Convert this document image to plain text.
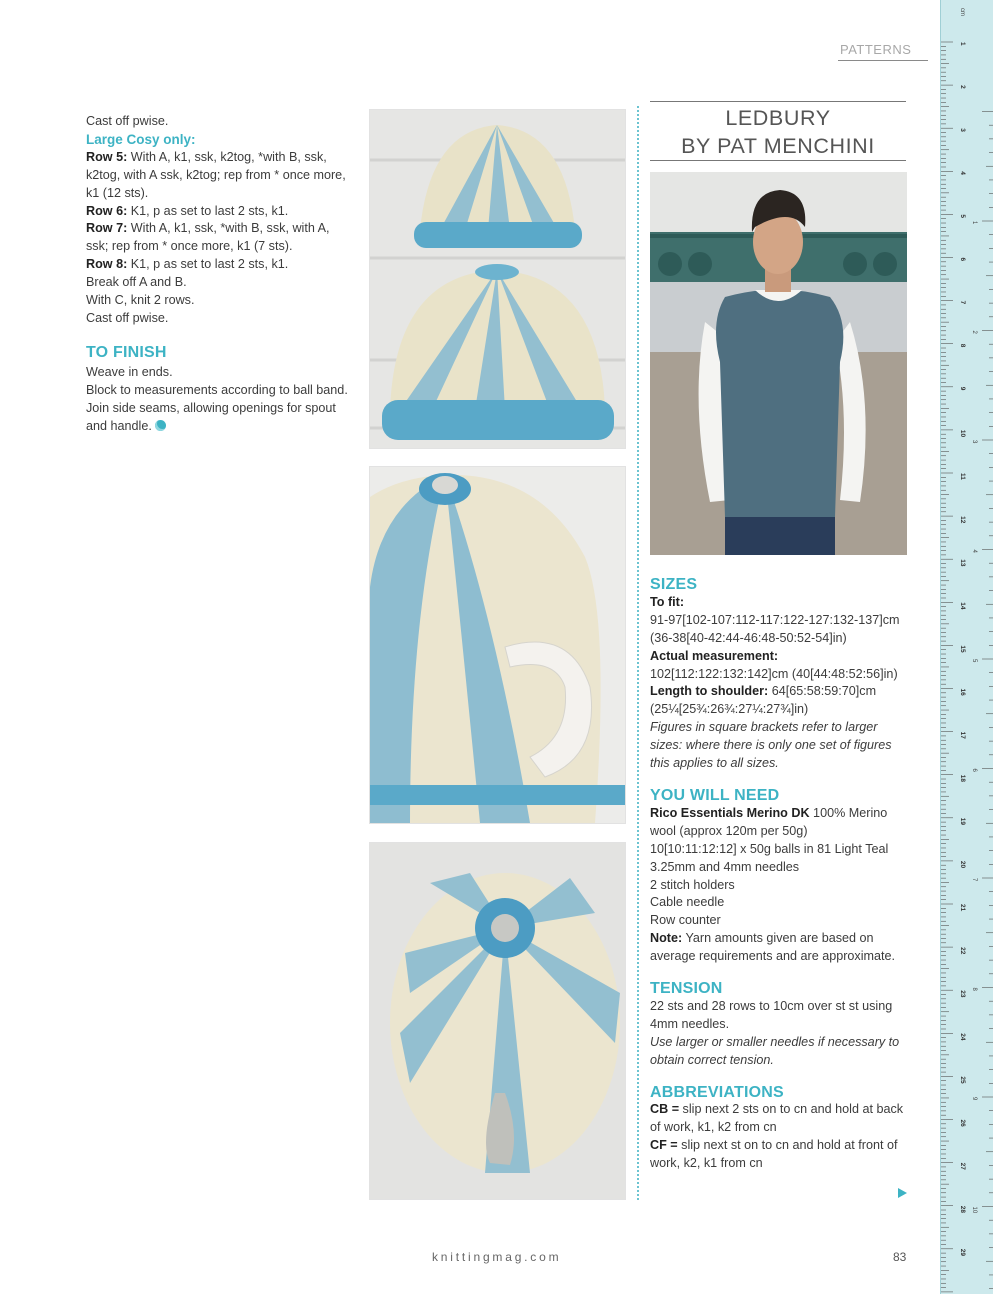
PATTERNS

Cast off pwise.

Large Cosy only:

Row 5: With A, k1, ssk, k2tog, *with B, ssk, k2tog, with A ssk, k2tog; rep from * once more, k1 (12 sts).

Row 6: K1, p as set to last 2 sts, k1.

Row 7: With A, k1, ssk, *with B, ssk, with A, ssk; rep from * once more, k1 (7 sts).

Row 8: K1, p as set to last 2 sts, k1.

Break off A and B.

With C, knit 2 rows.

Cast off pwise.

TO FINISH

Weave in ends.

Block to measurements according to ball band. Join side seams, allowing openings for spout and handle.

LEDBURY
BY PAT MENCHINI
SIZES

To fit:

91-97[102-107:112-117:122-127:132-137]cm (36-38[40-42:44-46:48-50:52-54]in)

Actual measurement:

102[112:122:132:142]cm (40[44:48:52:56]in)

Length to shoulder: 64[65:58:59:70]cm (25¼[25¾:26¾:27¼:27¾]in)

Figures in square brackets refer to larger sizes: where there is only one set of figures this applies to all sizes.

YOU WILL NEED

Rico Essentials Merino DK 100% Merino wool (approx 120m per 50g)

10[10:11:12:12] x 50g balls in 81 Light Teal

3.25mm and 4mm needles

2 stitch holders

Cable needle

Row counter

Note: Yarn amounts given are based on average requirements and are approximate.

TENSION

22 sts and 28 rows to 10cm over st st using 4mm needles.

Use larger or smaller needles if necessary to obtain correct tension.

ABBREVIATIONS

CB = slip next 2 sts on to cn and hold at back of work, k1, k2 from cn

CF = slip next st on to cn and hold at front of work, k2, k1 from cn

knittingmag.com	83
cm
1
2
3
4
5
6
7
8
9
10
11
12
13
14
15
16
17
18
19
20
21
22
23
24
25
26
27
28
29
1
2
3
4
5
6
7
8
9
10
